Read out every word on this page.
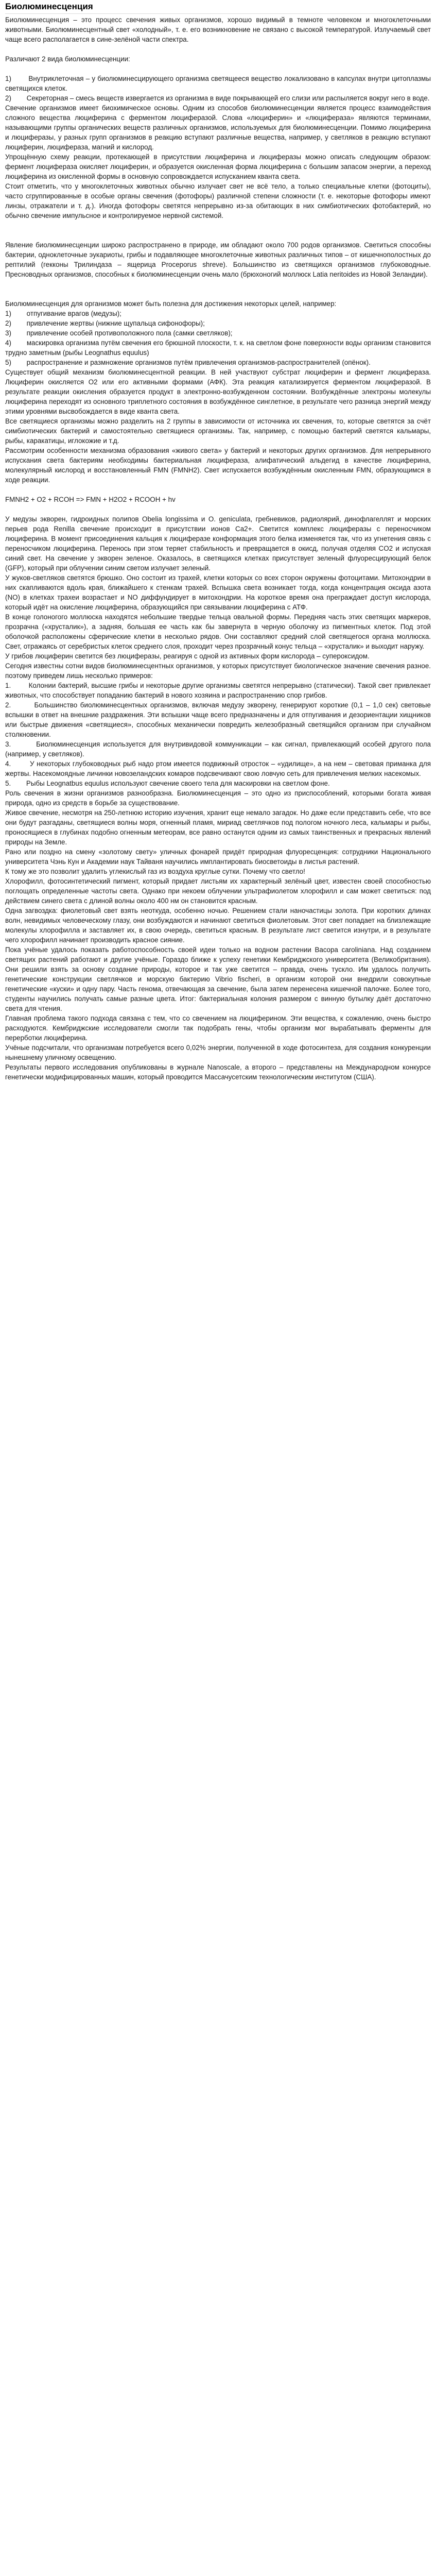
Биолюминесценция
Биолюминесценция – это процесс свечения живых организмов, хорошо видимый в темноте человеком и многоклеточными животными. Биолюминесцентный свет «холодный», т. е. его возникновение не связано с высокой температурой. Излучаемый свет чаще всего располагается в сине-зелёной части спектра.
Различают 2 вида биолюминесценции:
1)        Внутриклеточная – у биолюминесцирующего организма светящееся вещество локализовано в капсулах внутри цитоплазмы светящихся клеток.
2)        Секреторная – смесь веществ извергается из организма в виде покрывающей его слизи или распыляется вокруг него в воде.
Свечение организмов имеет биохимическое основы. Одним из способов биолюминесценции является процесс взаимодействия сложного вещества люциферина с ферментом люциферазой. Слова «люциферин» и «люцифераза» являются терминами, называющими группы органических веществ различных организмов, используемых для биолюминесценции. Помимо люциферина и люциферазы, у разных групп организмов в реакцию вступают различные вещества, например, у светляков в реакцию вступают люциферин, люцифераза, магний и кислород.
Упрощённую схему реакции, протекающей в присутствии люциферина и люциферазы можно описать следующим образом: фермент люцифераза окисляет люциферин, и образуется окисленная форма люциферина с большим запасом энергии, а переход люциферина из окисленной формы в основную сопровождается испусканием кванта света.
Стоит отметить, что у многоклеточных животных обычно излучает свет не всё тело, а только специальные клетки (фотоциты), часто сгруппированные в особые органы свечения (фотофоры) различной степени сложности (т. е. некоторые фотофоры имеют линзы, отражатели и т. д.). Иногда фотофоры светятся непрерывно из-за обитающих в них симбиотических фотобактерий, но обычно свечение импульсное и контролируемое нервной системой.
Явление биолюминесценции широко распространено в природе, им обладают около 700 родов организмов. Светиться способны бактерии, одноклеточные эукариоты, грибы и подавляющее многоклеточные животных различных типов – от кишечнополостных до рептилий (гекконы Трилиндаза – ящерица Proceporus shreve). Большинство из светящихся организмов глубоководные. Пресноводных организмов, способных к биолюминесценции очень мало (брюхоногий моллюск Latia neritoides из Новой Зеландии).
Биолюминесценция для организмов может быть полезна для достижения некоторых целей, например:
1)        отпугивание врагов (медузы);
2)        привлечение жертвы (нижние щупальца сифонофоры);
3)        привлечение особей противоположного пола (самки светляков);
4)        маскировка организма путём свечения его брюшной плоскости, т. к. на светлом фоне поверхности воды организм становится трудно заметным (рыбы Leognathus equulus)
5)        распространение и размножение организмов путём привлечения организмов-распространителей (опёнок).
Существует общий механизм биолюминесцентной реакции. В ней участвуют субстрат люциферин и фермент люцифераза. Люциферин окисляется O2 или его активными формами (АФК). Эта реакция катализируется ферментом люциферазой. В результате реакции окисления образуется продукт в электронно-возбужденном состоянии. Возбуждённые электроны молекулы люциферина переходят из основного триплетного состояния в возбуждённое синглетное, в результате чего разница энергий между этими уровнями высвобождается в виде кванта света.
Все светящиеся организмы можно разделить на 2 группы в зависимости от источника их свечения, то, которые светятся за счёт симбиотических бактерий и самостоятельно светящиеся организмы. Так, например, с помощью бактерий светятся кальмары, рыбы, каракатицы, иглокожие и т.д.
Рассмотрим особенности механизма образования «живого света» у бактерий и некоторых других организмов. Для непрерывного испускания света бактериям необходимы бактериальная люцифераза, алифатический альдегид в качестве люциферина, молекулярный кислород и восстановленный FMN (FMNH2). Свет испускается возбуждённым окисленным FMN, образующимся в ходе реакции.
FMNH2 + O2 + RCOH => FMN + H2O2 + RCOOH + hv
У медузы экворен, гидроидных полипов Obelia longissima и O. geniculata, гребневиков, радиолярий, динофлагеллят и морских перьев рода Renilla свечение происходит в присутствии ионов Ca2+. Светится комплекс люциферазы с переносчиком люциферина. В момент присоединения кальция к люциферазе конформация этого белка изменяется так, что из угнетения связь с переносчиком люциферина. Перенось при этом теряет стабильность и превращается в окисд, получая отделяя CO2 и испуская синий свет. На свечение у экворен зеленое. Оказалось, в светящихся клетках присутствует зеленый флуоресцирующий белок (GFP), который при облучении синим светом излучает зеленый.
У жуков-светляков светятся брюшко. Оно состоит из трахей, клетки которых со всех сторон окружены фотоцитами. Митохондрии в них скапливаются вдоль края, ближайшего к стенкам трахей. Вспышка света возникает тогда, когда концентрация оксида азота (NO) в клетках трахеи возрастает и NO диффундирует в митохондрии. На короткое время она преграждает доступ кислорода, который идёт на окисление люциферина, образующийся при связывании люциферина с АТФ.
В конце голоногого моллюска находятся небольшие твердые тельца овальной формы. Передняя часть этих светящих маркеров, прозрачна («хрусталик»), а задняя, большая ее часть как бы завернута в черную оболочку из пигментных клеток. Под этой оболочкой расположены сферические клетки в несколько рядов. Они составляют средний слой светящегося органа моллюска. Свет, отражаясь от серебристых клеток среднего слоя, проходит через прозрачный конус тельца – «хрусталик» и выходит наружу.
У грибов люциферин светится без люциферазы, реагируя с одной из активных форм кислорода – супероксидом.
Сегодня известны сотни видов биолюминесцентных организмов, у которых присутствует биологическое значение свечения разное. поэтому приведем лишь несколько примеров:
1.        Колонии бактерий, высшие грибы и некоторые другие организмы светятся непрерывно (статически). Такой свет привлекает животных, что способствует попаданию бактерий в нового хозяина и распространению спор грибов.
2.        Большинство биолюминесцентных организмов, включая медузу экворену, генерируют короткие (0,1 – 1,0 сек) световые вспышки в ответ на внешние раздражения. Эти вспышки чаще всего предназначены и для отпугивания и дезориентации хищников или быстрые движения «светящиеся», способных механически повредить железобразный светящийся организм при случайном столкновении.
3.        Биолюминесценция используется для внутривидовой коммуникации – как сигнал, привлекающий особей другого пола (например, у светляков).
4.        У некоторых глубоководных рыб надо ртом имеется подвижный отросток – «удилище», а на нем – световая приманка для жертвы. Насекомоядные личинки новозеландских комаров подсвечивают свою ловчую сеть для привлечения мелких насекомых.
5.        Рыбы Leognatbus equulus используют свечение своего тела для маскировки на светлом фоне.
Роль свечения в жизни организмов разнообразна. Биолюминесценция – это одно из приспособлений, которыми богата живая природа, одно из средств в борьбе за существование.
Живое свечение, несмотря на 250-летнюю историю изучения, хранит еще немало загадок. Но даже если представить себе, что все они будут разгаданы, светящиеся волны моря, огненный пламя, мириад светлячков под пологом ночного леса, кальмары и рыбы, проносящиеся в глубинах подобно огненным метеорам, все равно останутся одним из самых таинственных и прекрасных явлений природы на Земле.
Рано или поздно на смену «золотому свету» уличных фонарей придёт природная флуоресценция: сотрудники Национального университета Чэнь Кун и Академии наук Тайваня научились имплантировать биосветоиды в листья растений.
К тому же это позволит удалить углекислый газ из воздуха круглые сутки. Почему что светло!
Хлорофилл, фотосинтетический пигмент, который придает листьям их характерный зелёный цвет, известен своей способностью поглощать определенные частоты света. Однако при некоем облучении ультрафиолетом хлорофилл и сам может светиться: под действием синего света с длиной волны около 400 нм он становится красным.
Одна загвоздка: фиолетовый свет взять неоткуда, особенно ночью. Решением стали наночастицы золота. При коротких длинах волн, невидимых человеческому глазу, они возбуждаются и начинают светиться фиолетовым. Этот свет попадает на близлежащие молекулы хлорофилла и заставляет их, в свою очередь, светиться красным. В результате лист светится изнутри, и в результате чего хлорофилл начинает производить красное сияние.
Пока учёные удалось показать работоспособность своей идеи только на водном растении Bacopa caroliniana. Над созданием светящих растений работают и другие учёные. Гораздо ближе к успеху генетики Кембриджского университета (Великобритания). Они решили взять за основу создание природы, которое и так уже светится – правда, очень тускло. Им удалось получить генетические конструкции светлячков и морскую бактерию Vibrio fischeri, в организм которой они внедрили совокупные генетические «куски» и одну пару. Часть генома, отвечающая за свечение, была затем перенесена кишечной палочке. Более того, студенты научились получать самые разные цвета. Итог: бактериальная колония размером с винную бутылку даёт достаточно света для чтения.
Главная проблема такого подхода связана с тем, что со свечением на люциферином. Эти вещества, к сожалению, очень быстро расходуются. Кембриджские исследователи смогли так подобрать гены, чтобы организм мог вырабатывать ферменты для перерботки люциферина.
Учёные подсчитали, что организмам потребуется всего 0,02% энергии, полученной в ходе фотосинтеза, для создания конкуренции нынешнему уличному освещению.
Результаты первого исследования опубликованы в журнале Nanoscale, а второго – представлены на Международном конкурсе генетически модифицированных машин, который проводится Массачусетским технологическим институтом (США).
